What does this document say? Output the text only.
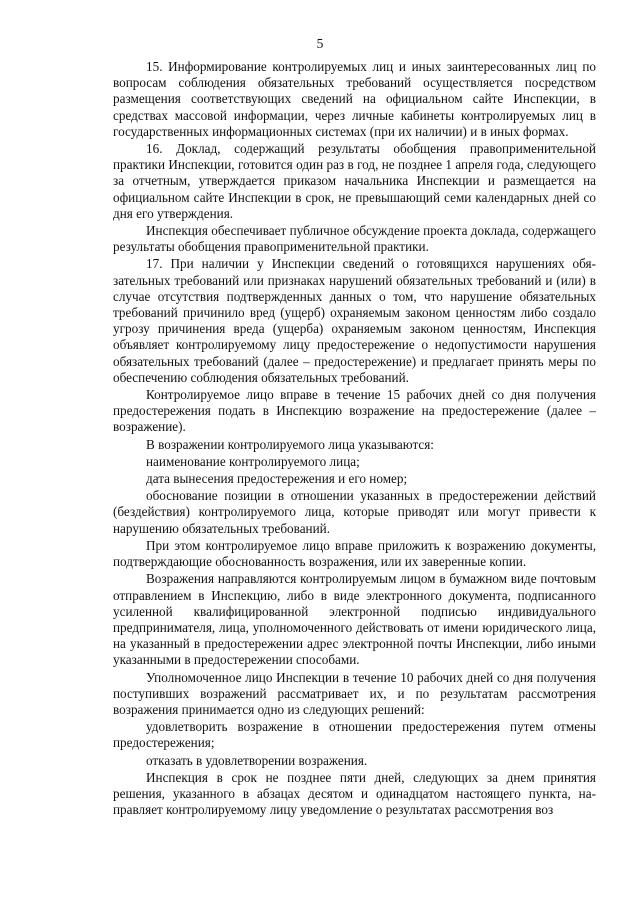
5

15. Информирование контролируемых лиц и иных заинтересованных лиц по вопросам соблюдения обязательных требований осуществляется посредством размещения соответствующих сведений на официальном сайте Инспекции, в средствах массовой информации, через личные кабинеты контролируемых лиц в государственных информационных системах (при их наличии) и в иных формах.

16. Доклад, содержащий результаты обобщения правоприменительной практики Инспекции, готовится один раз в год, не позднее 1 апреля года, следующего за отчетным, утверждается приказом начальника Инспекции и размещается на официальном сайте Инспекции в срок, не превышающий семи календарных дней со дня его утверждения.

Инспекция обеспечивает публичное обсуждение проекта доклада, содержащего результаты обобщения правоприменительной практики.

17. При наличии у Инспекции сведений о готовящихся нарушениях обязательных требований или признаках нарушений обязательных требований и (или) в случае отсутствия подтвержденных данных о том, что нарушение обязательных требований причинило вред (ущерб) охраняемым законом ценностям либо создало угрозу причинения вреда (ущерба) охраняемым законом ценностям, Инспекция объявляет контролируемому лицу предостережение о недопустимости нарушения обязательных требований (далее – предостережение) и предлагает принять меры по обеспечению соблюдения обязательных требований.

Контролируемое лицо вправе в течение 15 рабочих дней со дня получения предостережения подать в Инспекцию возражение на предостережение (далее – возражение).

В возражении контролируемого лица указываются:

наименование контролируемого лица;

дата вынесения предостережения и его номер;

обоснование позиции в отношении указанных в предостережении действий (бездействия) контролируемого лица, которые приводят или могут привести к нарушению обязательных требований.

При этом контролируемое лицо вправе приложить к возражению документы, подтверждающие обоснованность возражения, или их заверенные копии.

Возражения направляются контролируемым лицом в бумажном виде почтовым отправлением в Инспекцию, либо в виде электронного документа, подписанного усиленной квалифицированной электронной подписью индивидуального предпринимателя, лица, уполномоченного действовать от имени юридического лица, на указанный в предостережении адрес электронной почты Инспекции, либо иными указанными в предостережении способами.

Уполномоченное лицо Инспекции в течение 10 рабочих дней со дня получения поступивших возражений рассматривает их, и по результатам рассмотрения возражения принимается одно из следующих решений:

удовлетворить возражение в отношении предостережения путем отмены предостережения;

отказать в удовлетворении возражения.

Инспекция в срок не позднее пяти дней, следующих за днем принятия решения, указанного в абзацах десятом и одинадцатом настоящего пункта, направляет контролируемому лицу уведомление о результатах рассмотрения воз
